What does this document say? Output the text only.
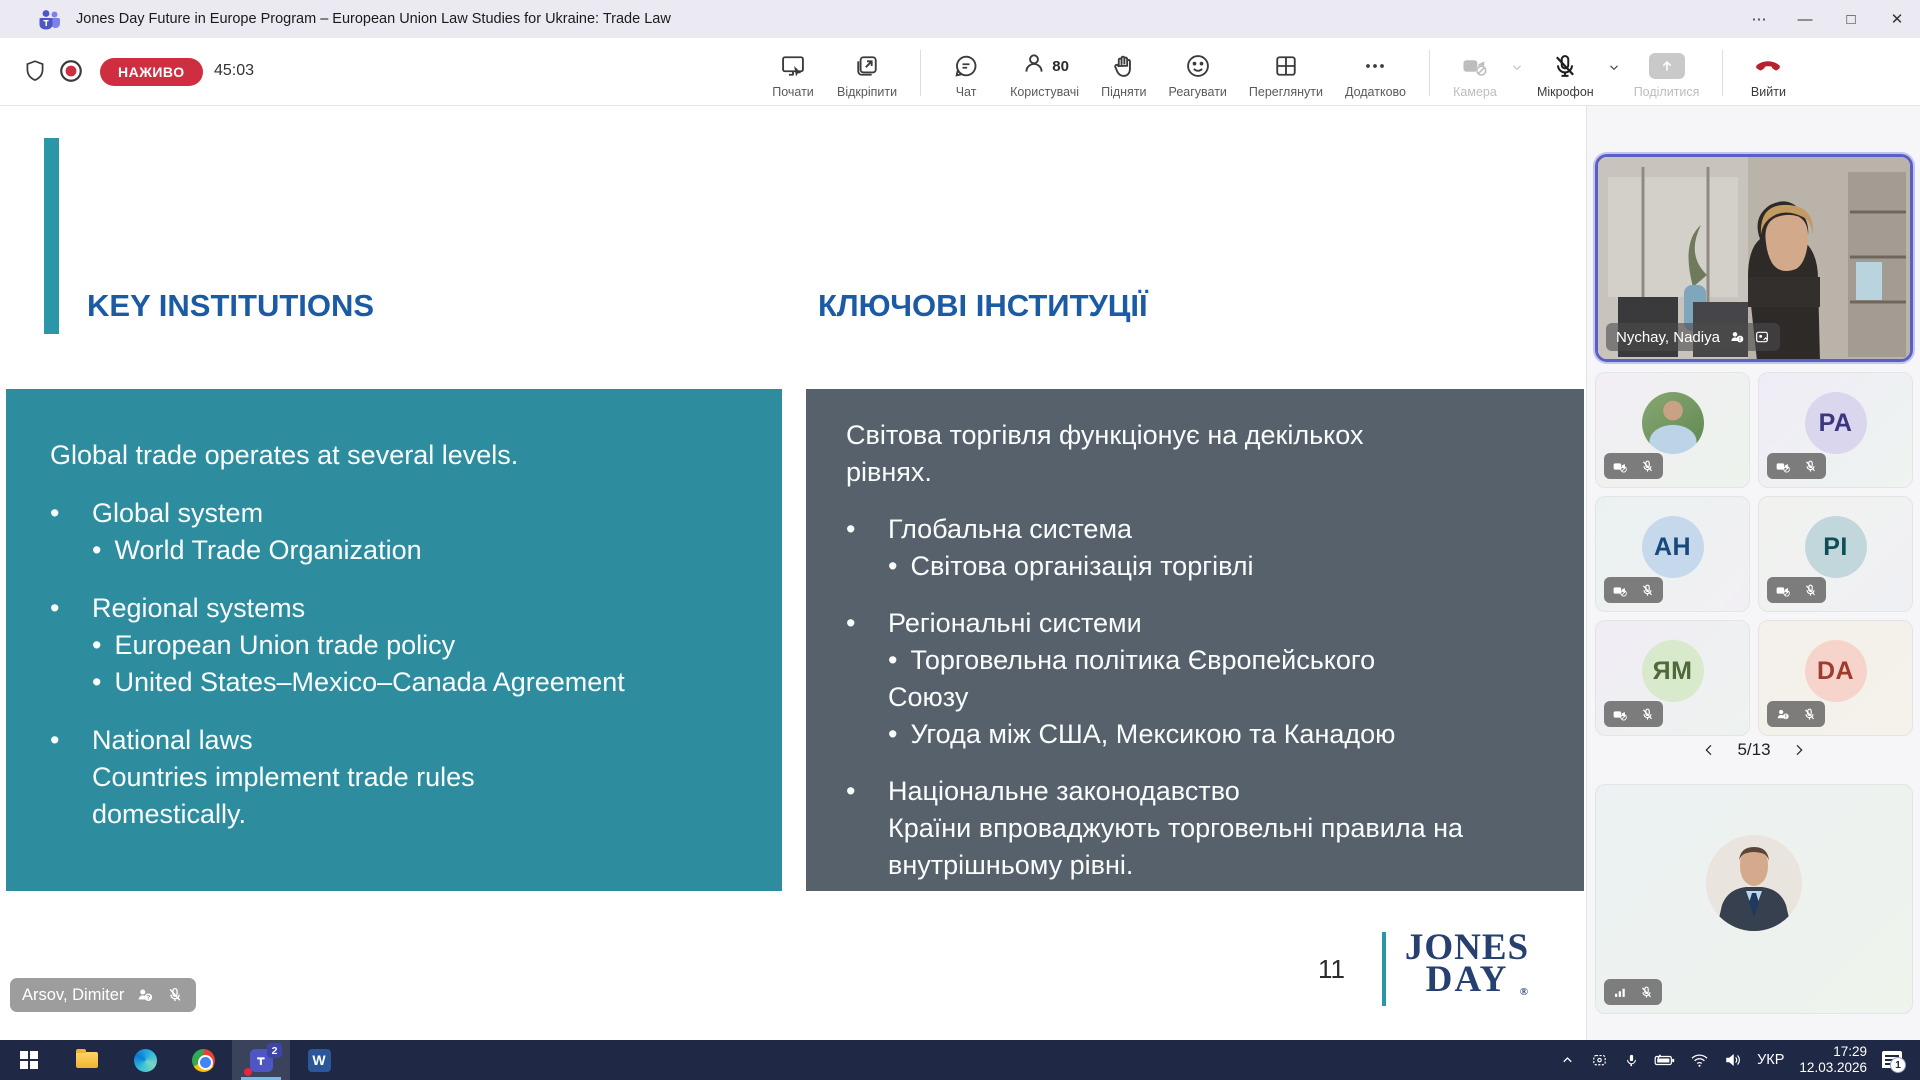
Jones Day Future in Europe Program – European Union Law Studies for Ukraine: Trade Law	⋯	—	□	✕
НАЖИВО	45:03
Почати Відкріпити	Чат
80
Користувачі Підняти Реагувати Переглянути Додатково	Камера	Мікрофон	Поділитися	Вийти
KEY INSTITUTIONS	КЛЮЧОВІ ІНСТИТУЦІЇ
Global trade operates at several levels.
•
Global system
• World Trade Organization
•
Regional systems
• European Union trade policy
• United States–Mexico–Canada Agreement
•
National laws
Countries implement trade rules domestically.
Світова торгівля функціонує на декількох рівнях.
•
Глобальна система
• Світова організація торгівлі
•
Регіональні системи
• Торговельна політика Європейського Союзу
• Угода між США, Мексикою та Канадою
•
Національне законодавство
Країни впроваджують торговельні правила на внутрішньому рівні.
11
JONES
DAY ®
Arsov, Dimiter	?
Nychay, Nadiya !
PA
АН	РІ
ЯМ	DA
!
5/13
2
W	УКР
17:29
12.03.2026	1
